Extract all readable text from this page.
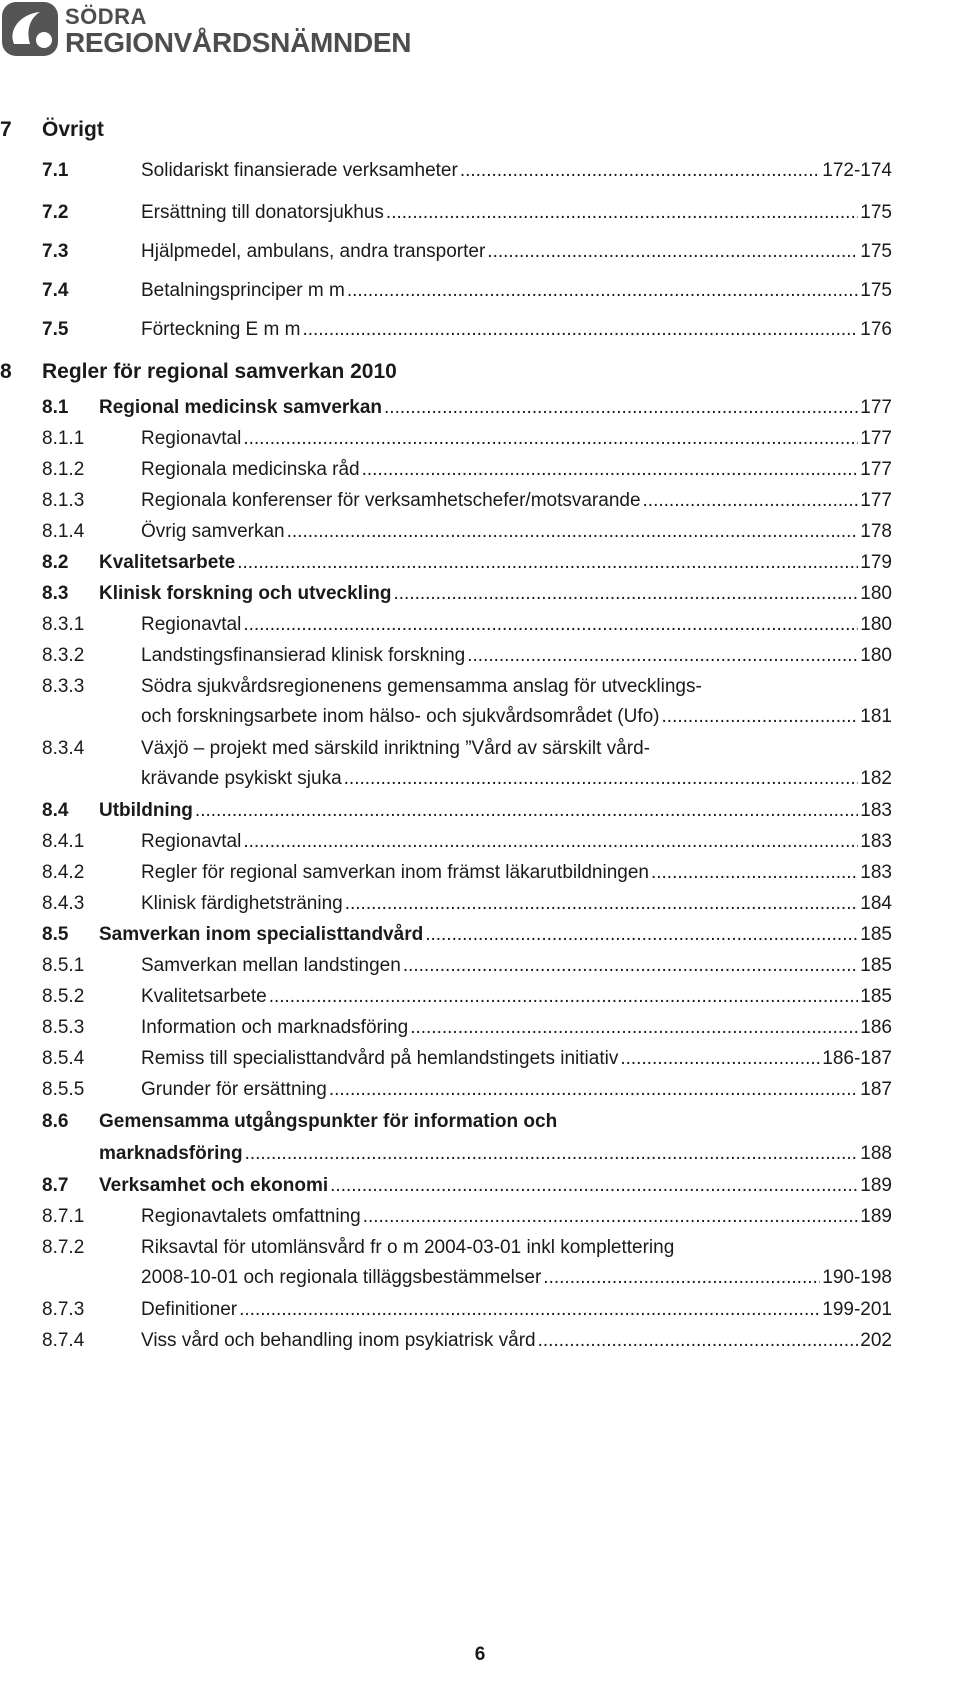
SÖDRA
REGIONVÅRDSNÄMNDEN
7 Övrigt
7.1	Solidariskt finansierade verksamheter .....	172-174
7.2	Ersättning till donatorsjukhus .....	175
7.3	Hjälpmedel, ambulans, andra transporter .....	175
7.4	Betalningsprinciper m m .....	175
7.5	Förteckning E m m .....	176
8 Regler för regional samverkan 2010
8.1 Regional medicinsk samverkan .....	177
8.1.1	Regionavtal .....	177
8.1.2	Regionala medicinska råd .....	177
8.1.3	Regionala konferenser för verksamhetschefer/motsvarande .....	177
8.1.4	Övrig samverkan .....	178
8.2 Kvalitetsarbete .....	179
8.3 Klinisk forskning och utveckling .....	180
8.3.1	Regionavtal .....	180
8.3.2	Landstingsfinansierad klinisk forskning .....	180
8.3.3	Södra sjukvårdsregionenens gemensamma anslag för utvecklings-
och forskningsarbete inom hälso- och sjukvårdsområdet (Ufo) .....	181
8.3.4	Växjö – projekt med särskild inriktning ”Vård av särskilt vård-
krävande psykiskt sjuka .....	182
8.4 Utbildning .....	183
8.4.1	Regionavtal .....	183
8.4.2	Regler för regional samverkan inom främst läkarutbildningen .....	183
8.4.3	Klinisk färdighetsträning .....	184
8.5 Samverkan inom specialisttandvård .....	185
8.5.1	Samverkan mellan landstingen .....	185
8.5.2	Kvalitetsarbete .....	185
8.5.3	Information och marknadsföring .....	186
8.5.4	Remiss till specialisttandvård på hemlandstingets initiativ .....	186-187
8.5.5	Grunder för ersättning .....	187
8.6 Gemensamma utgångspunkter för information och
marknadsföring .....	188
8.7 Verksamhet och ekonomi .....	189
8.7.1	Regionavtalets omfattning .....	189
8.7.2	Riksavtal för utomlänsvård fr o m 2004-03-01 inkl komplettering
2008-10-01 och regionala tilläggsbestämmelser .....	190-198
8.7.3	Definitioner .....	199-201
8.7.4	Viss vård och behandling inom psykiatrisk vård .....	202
6
